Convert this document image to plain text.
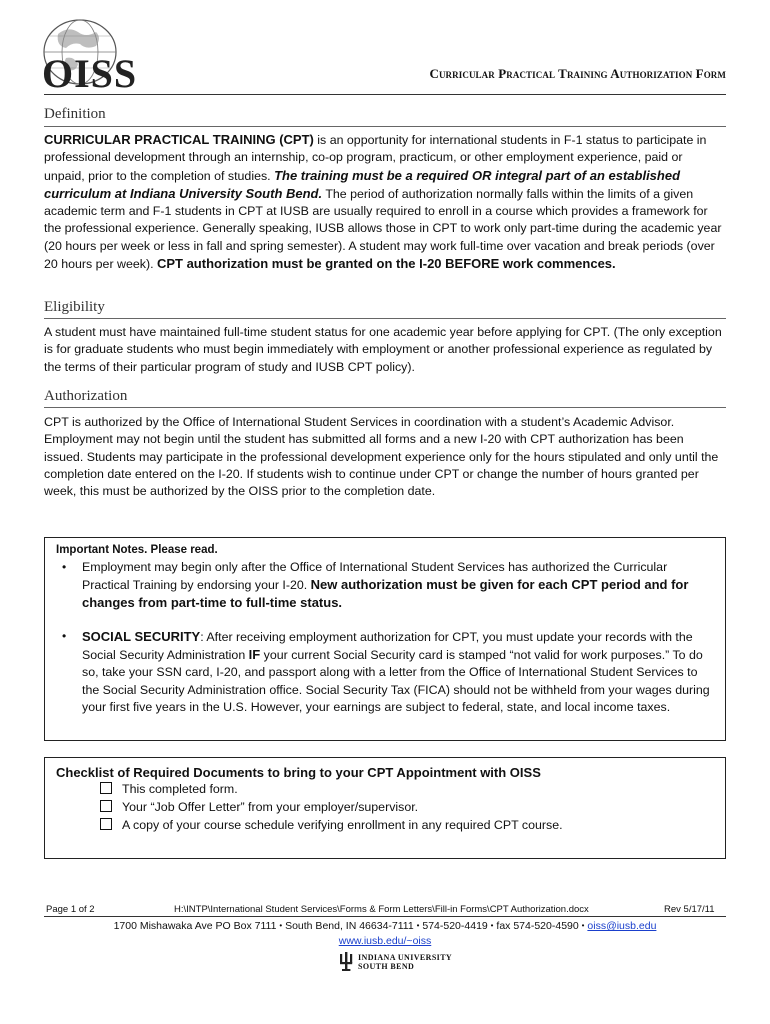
OISS	Curricular Practical Training Authorization Form
Definition
CURRICULAR PRACTICAL TRAINING (CPT) is an opportunity for international students in F-1 status to participate in professional development through an internship, co-op program, practicum, or other employment experience, paid or unpaid, prior to the completion of studies. The training must be a required OR integral part of an established curriculum at Indiana University South Bend. The period of authorization normally falls within the limits of a given academic term and F-1 students in CPT at IUSB are usually required to enroll in a course which provides a framework for the professional experience. Generally speaking, IUSB allows those in CPT to work only part-time during the academic year (20 hours per week or less in fall and spring semester). A student may work full-time over vacation and break periods (over 20 hours per week). CPT authorization must be granted on the I-20 BEFORE work commences.
Eligibility
A student must have maintained full-time student status for one academic year before applying for CPT. (The only exception is for graduate students who must begin immediately with employment or another professional experience as regulated by the terms of their particular program of study and IUSB CPT policy).
Authorization
CPT is authorized by the Office of International Student Services in coordination with a student’s Academic Advisor. Employment may not begin until the student has submitted all forms and a new I-20 with CPT authorization has been issued. Students may participate in the professional development experience only for the hours stipulated and only until the completion date entered on the I-20. If students wish to continue under CPT or change the number of hours granted per week, this must be authorized by the OISS prior to the completion date.
Important Notes. Please read.
• Employment may begin only after the Office of International Student Services has authorized the Curricular Practical Training by endorsing your I-20. New authorization must be given for each CPT period and for changes from part-time to full-time status.
• SOCIAL SECURITY: After receiving employment authorization for CPT, you must update your records with the Social Security Administration IF your current Social Security card is stamped “not valid for work purposes.” To do so, take your SSN card, I-20, and passport along with a letter from the Office of International Student Services to the Social Security Administration office. Social Security Tax (FICA) should not be withheld from your wages during your first five years in the U.S. However, your earnings are subject to federal, state, and local income taxes.
Checklist of Required Documents to bring to your CPT Appointment with OISS
This completed form.
Your “Job Offer Letter” from your employer/supervisor.
A copy of your course schedule verifying enrollment in any required CPT course.
Page 1 of 2	H:\INTP\International Student Services\Forms & Form Letters\Fill-in Forms\CPT Authorization.docx	Rev 5/17/11
1700 Mishawaka Ave PO Box 7111 • South Bend, IN 46634-7111 • 574-520-4419 • fax 574-520-4590 • oiss@iusb.edu
www.iusb.edu/~oiss
INDIANA UNIVERSITY
SOUTH BEND
